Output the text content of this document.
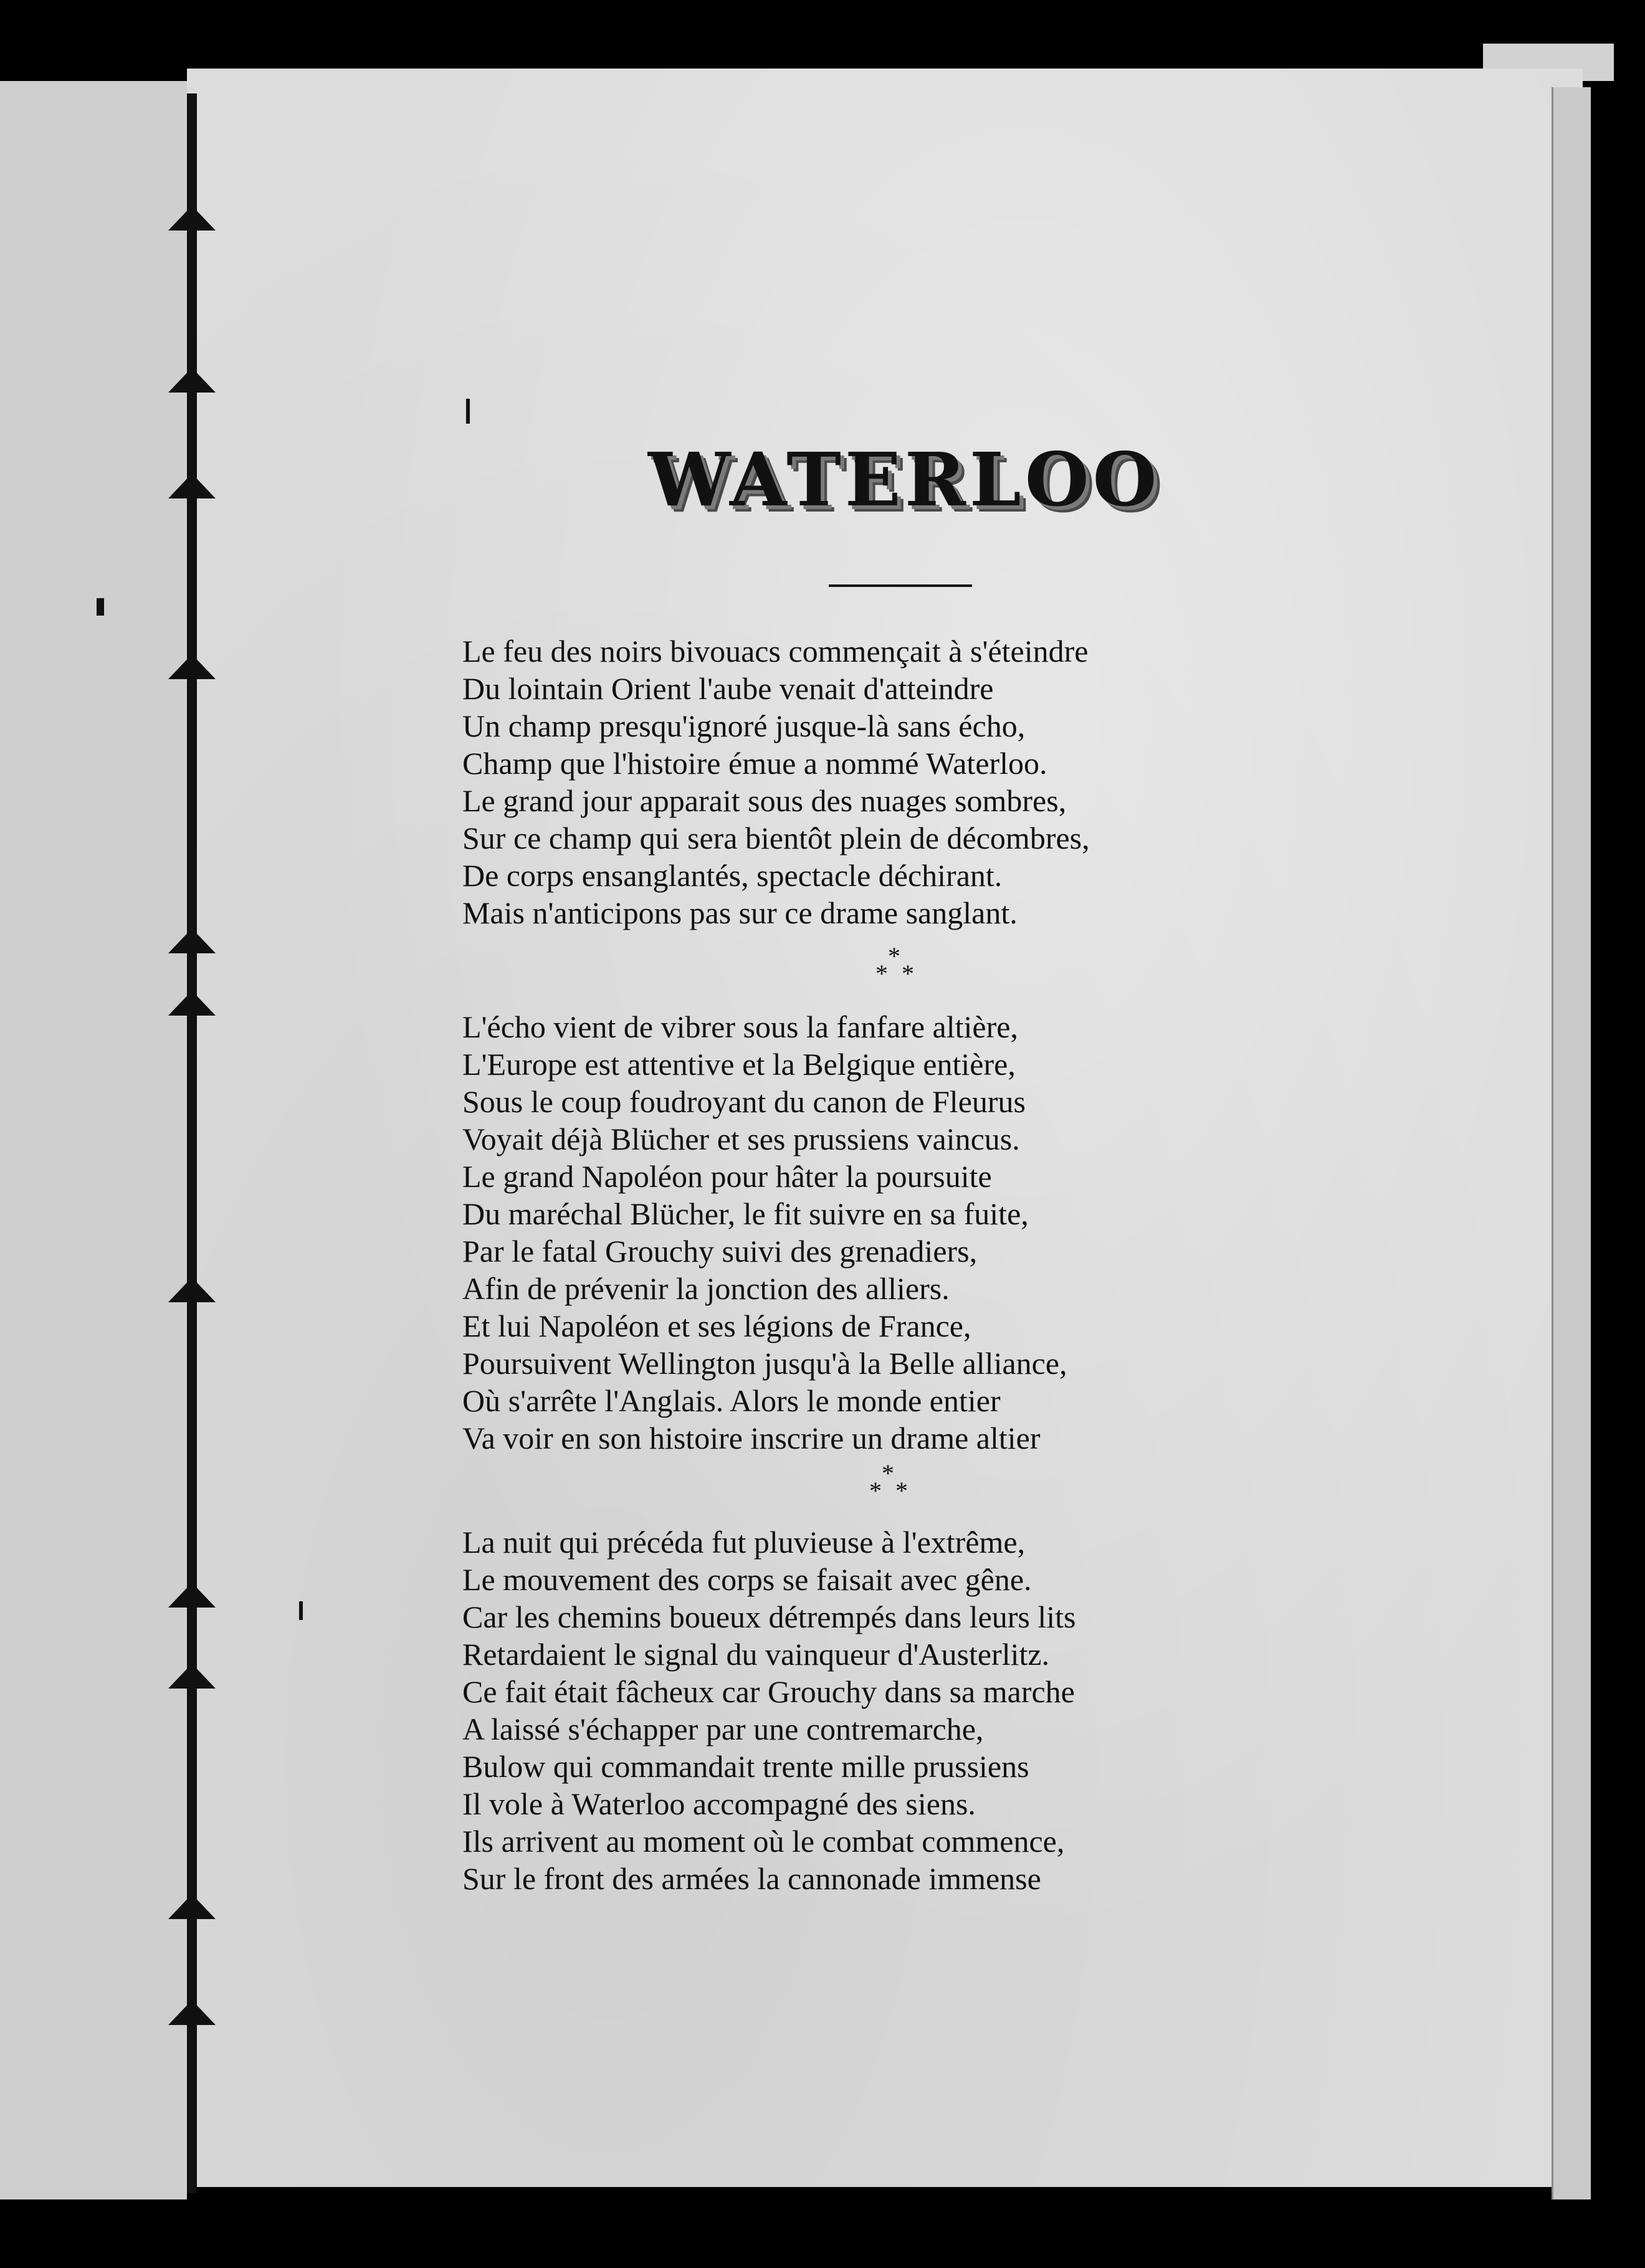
WATERLOO
Le feu des noirs bivouacs commençait à s'éteindre
Du lointain Orient l'aube venait d'atteindre
Un champ presqu'ignoré jusque-là sans écho,
Champ que l'histoire émue a nommé Waterloo.
Le grand jour apparait sous des nuages sombres,
Sur ce champ qui sera bientôt plein de décombres,
De corps ensanglantés, spectacle déchirant.
Mais n'anticipons pas sur ce drame sanglant.
*
* *
L'écho vient de vibrer sous la fanfare altière,
L'Europe est attentive et la Belgique entière,
Sous le coup foudroyant du canon de Fleurus
Voyait déjà Blücher et ses prussiens vaincus.
Le grand Napoléon pour hâter la poursuite
Du maréchal Blücher, le fit suivre en sa fuite,
Par le fatal Grouchy suivi des grenadiers,
Afin de prévenir la jonction des alliers.
Et lui Napoléon et ses légions de France,
Poursuivent Wellington jusqu'à la Belle alliance,
Où s'arrête l'Anglais. Alors le monde entier
Va voir en son histoire inscrire un drame altier
*
* *
La nuit qui précéda fut pluvieuse à l'extrême,
Le mouvement des corps se faisait avec gêne.
Car les chemins boueux détrempés dans leurs lits
Retardaient le signal du vainqueur d'Austerlitz.
Ce fait était fâcheux car Grouchy dans sa marche
A laissé s'échapper par une contremarche,
Bulow qui commandait trente mille prussiens
Il vole à Waterloo accompagné des siens.
Ils arrivent au moment où le combat commence,
Sur le front des armées la cannonade immense
